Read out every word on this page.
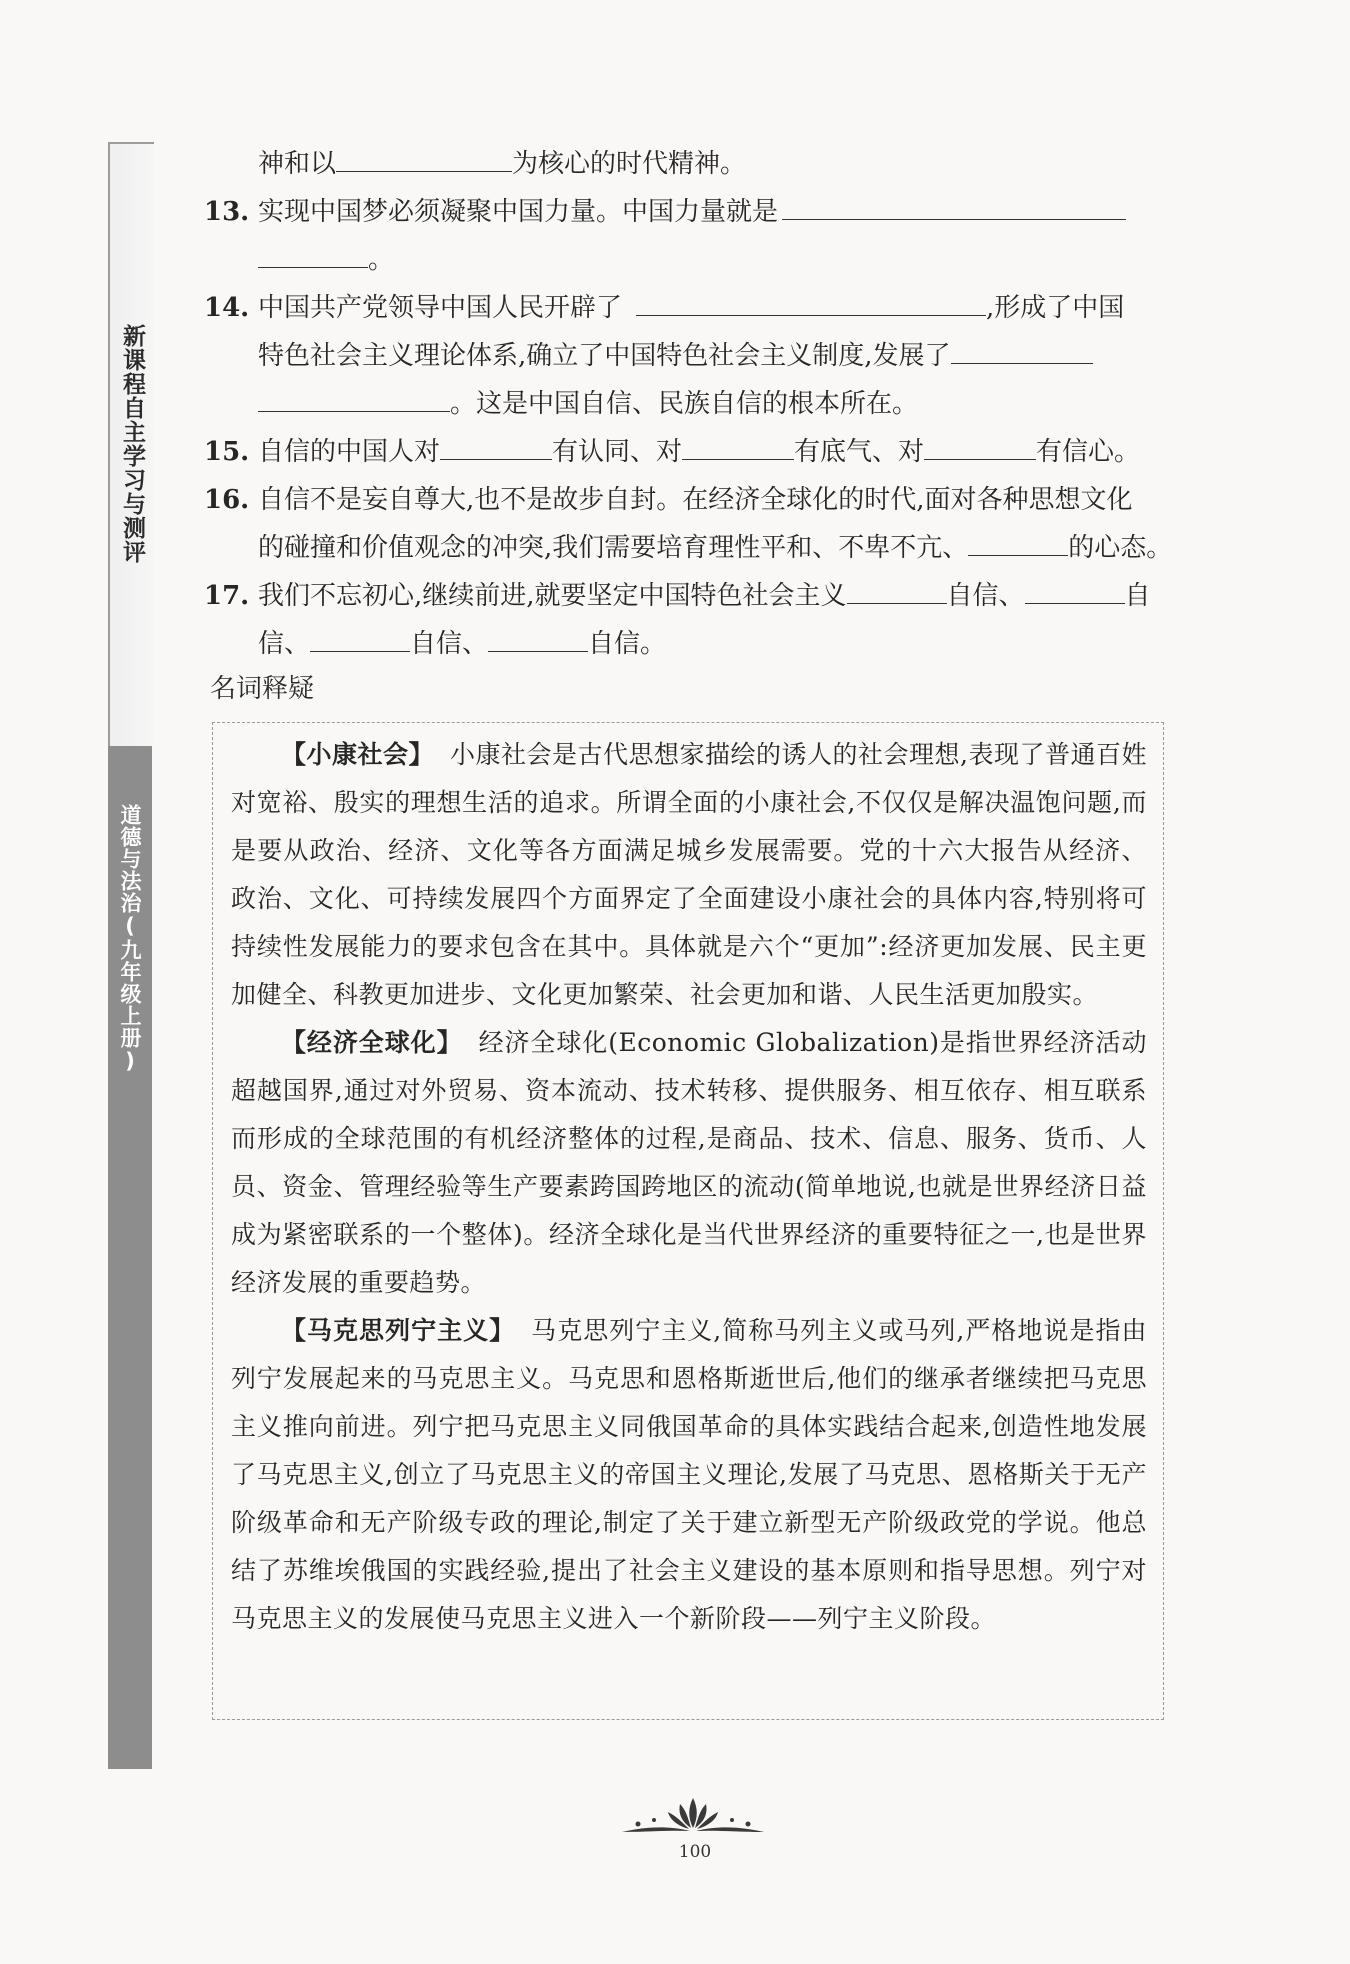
新课程自主学习与测评
道德与法治(九年级上册)
神和以	为核心的时代精神。
13. 实现中国梦必须凝聚中国力量。中国力量就是
。
14. 中国共产党领导中国人民开辟了	,形成了中国
特色社会主义理论体系,确立了中国特色社会主义制度,发展了
。这是中国自信、民族自信的根本所在。
15. 自信的中国人对	有认同、对	有底气、对	有信心。
16. 自信不是妄自尊大,也不是故步自封。在经济全球化的时代,面对各种思想文化
的碰撞和价值观念的冲突,我们需要培育理性平和、不卑不亢、	的心态。
17. 我们不忘初心,继续前进,就要坚定中国特色社会主义	自信、	自
信、	自信、	自信。
名词释疑

【小康社会】 小康社会是古代思想家描绘的诱人的社会理想,表现了普通百姓对宽裕、殷实的理想生活的追求。所谓全面的小康社会,不仅仅是解决温饱问题,而是要从政治、经济、文化等各方面满足城乡发展需要。党的十六大报告从经济、政治、文化、可持续发展四个方面界定了全面建设小康社会的具体内容,特别将可持续性发展能力的要求包含在其中。具体就是六个“更加”:经济更加发展、民主更加健全、科教更加进步、文化更加繁荣、社会更加和谐、人民生活更加殷实。

【经济全球化】 经济全球化(Economic Globalization)是指世界经济活动超越国界,通过对外贸易、资本流动、技术转移、提供服务、相互依存、相互联系而形成的全球范围的有机经济整体的过程,是商品、技术、信息、服务、货币、人员、资金、管理经验等生产要素跨国跨地区的流动(简单地说,也就是世界经济日益成为紧密联系的一个整体)。经济全球化是当代世界经济的重要特征之一,也是世界经济发展的重要趋势。

【马克思列宁主义】 马克思列宁主义,简称马列主义或马列,严格地说是指由列宁发展起来的马克思主义。马克思和恩格斯逝世后,他们的继承者继续把马克思主义推向前进。列宁把马克思主义同俄国革命的具体实践结合起来,创造性地发展了马克思主义,创立了马克思主义的帝国主义理论,发展了马克思、恩格斯关于无产阶级革命和无产阶级专政的理论,制定了关于建立新型无产阶级政党的学说。他总结了苏维埃俄国的实践经验,提出了社会主义建设的基本原则和指导思想。列宁对马克思主义的发展使马克思主义进入一个新阶段——列宁主义阶段。

100
